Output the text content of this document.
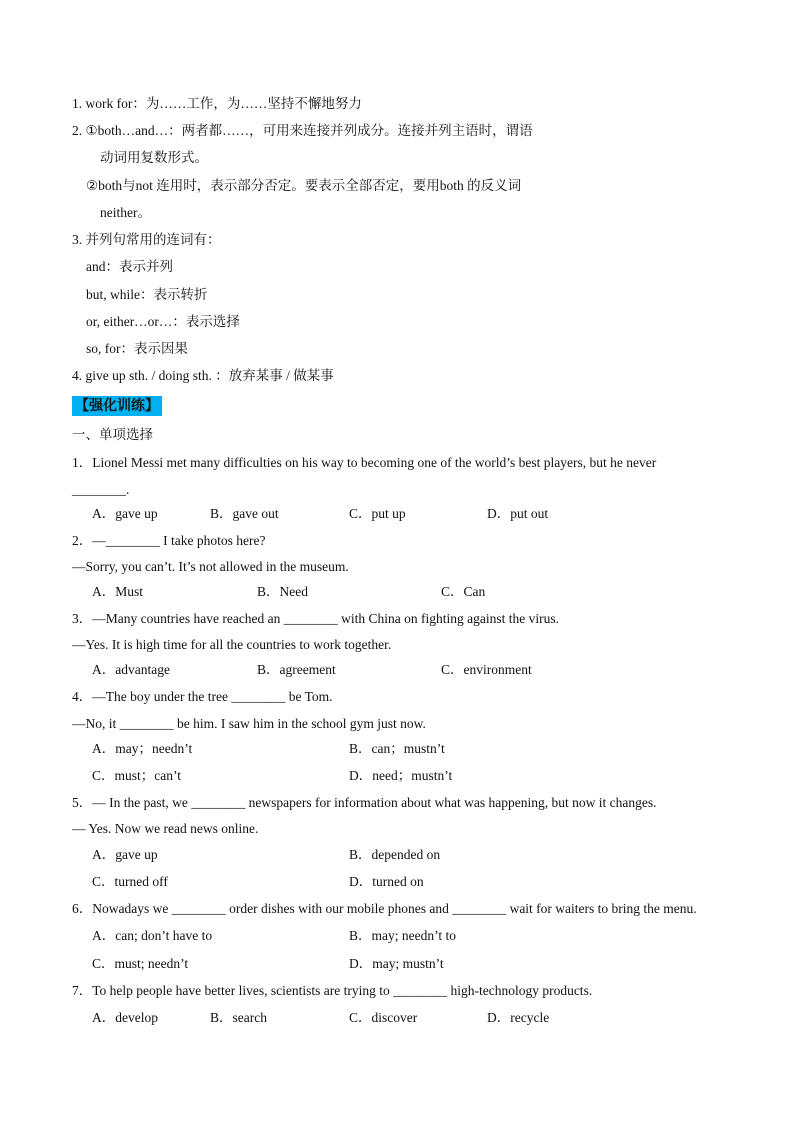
1. work for：为……工作，为……坚持不懈地努力
2. ①both…and…：两者都……，可用来连接并列成分。连接并列主语时，谓语
动词用复数形式。
②both与not 连用时，表示部分否定。要表示全部否定，要用both 的反义词
neither。
3. 并列句常用的连词有：
and：表示并列
but, while：表示转折
or, either…or…：表示选择
so, for：表示因果
4. give up sth. / doing sth. ：放弃某事 / 做某事
【强化训练】
一、单项选择
1．Lionel Messi met many difficulties on his way to becoming one of the world’s best players, but he never
________.
A．gave up	B．gave out	C．put up	D．put out
2．—________ I take photos here?
—Sorry, you can’t. It’s not allowed in the museum.
A．Must	B．Need	C．Can
3．—Many countries have reached an ________ with China on fighting against the virus.
—Yes. It is high time for all the countries to work together.
A．advantage	B．agreement	C．environment
4．—The boy under the tree ________ be Tom.
—No, it ________ be him. I saw him in the school gym just now.
A．may；needn’t	B．can；mustn’t
C．must；can’t	D．need；mustn’t
5．— In the past, we ________ newspapers for information about what was happening, but now it changes.
— Yes. Now we read news online.
A．gave up	B．depended on
C．turned off	D．turned on
6．Nowadays we ________ order dishes with our mobile phones and ________ wait for waiters to bring the menu.
A．can; don’t have to	B．may; needn’t to
C．must; needn’t	D．may; mustn’t
7．To help people have better lives, scientists are trying to ________ high-technology products.
A．develop	B．search	C．discover	D．recycle
